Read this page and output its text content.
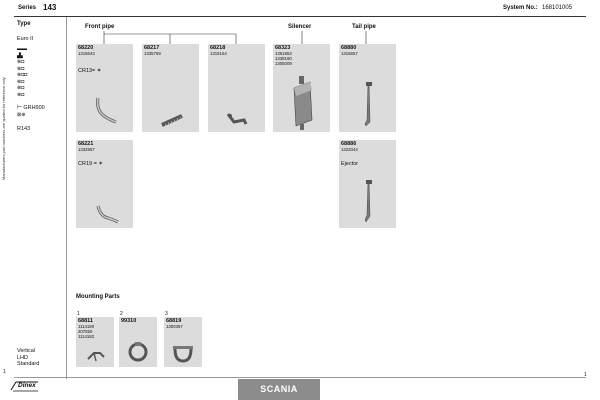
Series 143	System No.: 168101005
Manufacturers part numbers are quoted for reference only
Type
Euro II
▬▬
▟▖
⊗◘
⊗◘
⊗◘◘
⊗◘
⊗◘
⊗◘
⊢ GRH900
⊠⊕
R143
Vertical
LHD
Standard
Front pipe	Silencer	Tail pipe
68220
1315643
CR13= ✶
68217
1335769
68218
1315164
68323
1361983
1338160
1305009
68880
1315657
68221
1332957
CR19 = ✶
68886
1322044
Ejector
Mounting Parts
1	2	3
68811
1114180
207550
1114182
99310	68819
1300367
1	1
Dinex	SCANIA
